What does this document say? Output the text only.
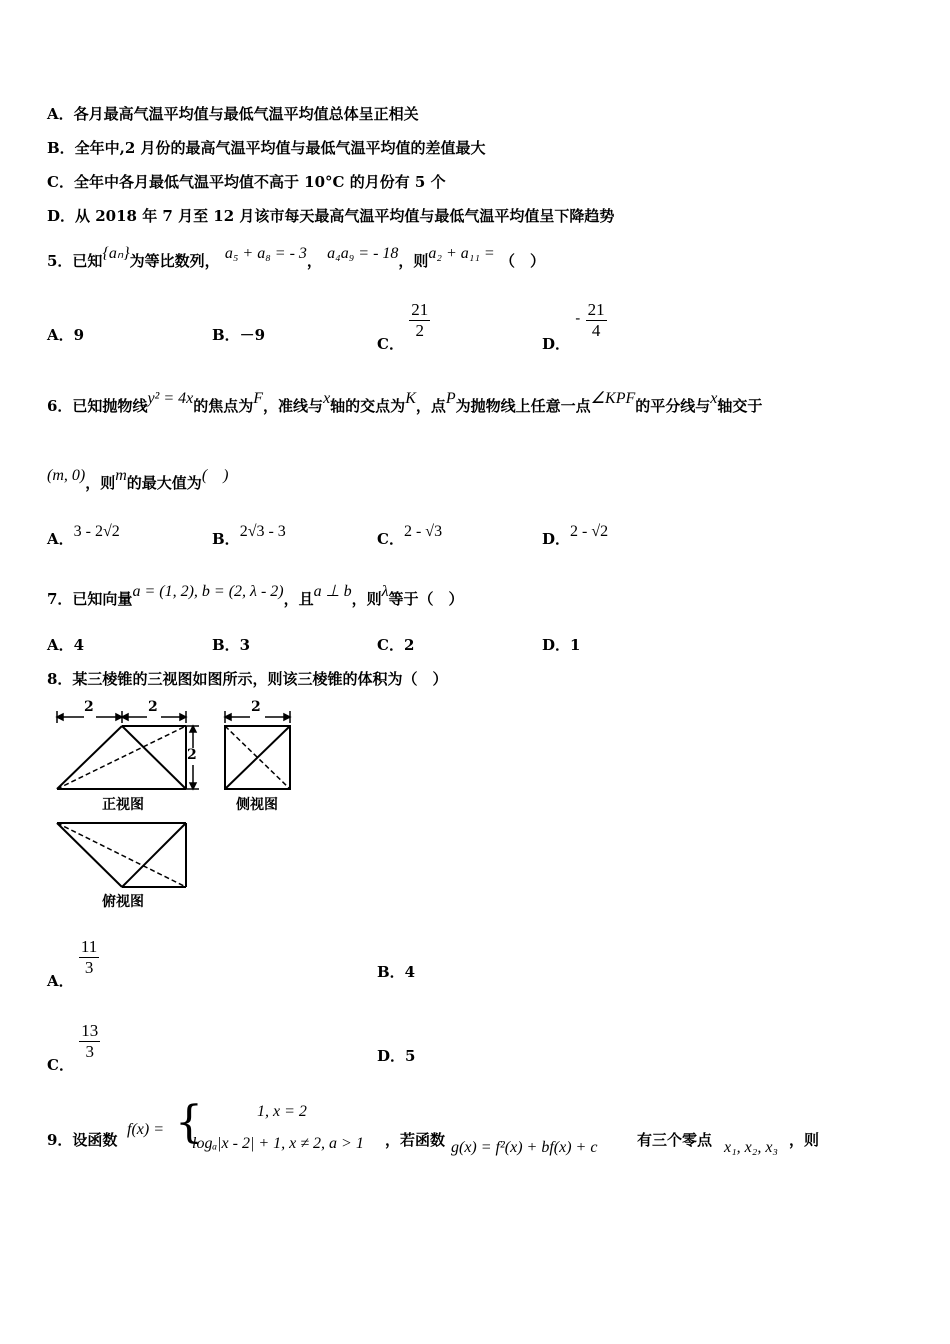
A．各月最高气温平均值与最低气温平均值总体呈正相关
B．全年中,2 月份的最高气温平均值与最低气温平均值的差值最大
C．全年中各月最低气温平均值不高于 10°C 的月份有 5 个
D．从 2018 年 7 月至 12 月该市每天最高气温平均值与最低气温平均值呈下降趋势
5．已知{aₙ}为等比数列， a₅ + a₈ = - 3， a₄a₉ = - 18，则a₂ + a₁₁ = （　）
A．9	B．－9	C．
$\frac{21}{2}$
D． - $\frac{21}{4}$
6．已知抛物线y² = 4x的焦点为F，准线与x轴的交点为K，点P为抛物线上任意一点∠KPF的平分线与x轴交于
(m, 0)，则m的最大值为(　)
A．3 - 2√2	B．2√3 - 3	C．2 - √3	D．2 - √2
7．已知向量a = (1, 2), b = (2, λ - 2)，且a ⊥ b，则λ等于（　）
A．4	B．3	C．2	D．1
8．某三棱锥的三视图如图所示，则该三棱锥的体积为（　）
2	2
2
正视图
2
侧视图
俯视图
A．
$\frac{11}{3}$	B．4
C．
$\frac{13}{3}$	D．5
9．设函数
f(x) = {	1, x = 2
logₐ|x - 2| + 1, x ≠ 2, a > 1 ，若函数 g(x) = f²(x) + bf(x) + c	有三个零点 x₁, x₂, x₃ ，则
